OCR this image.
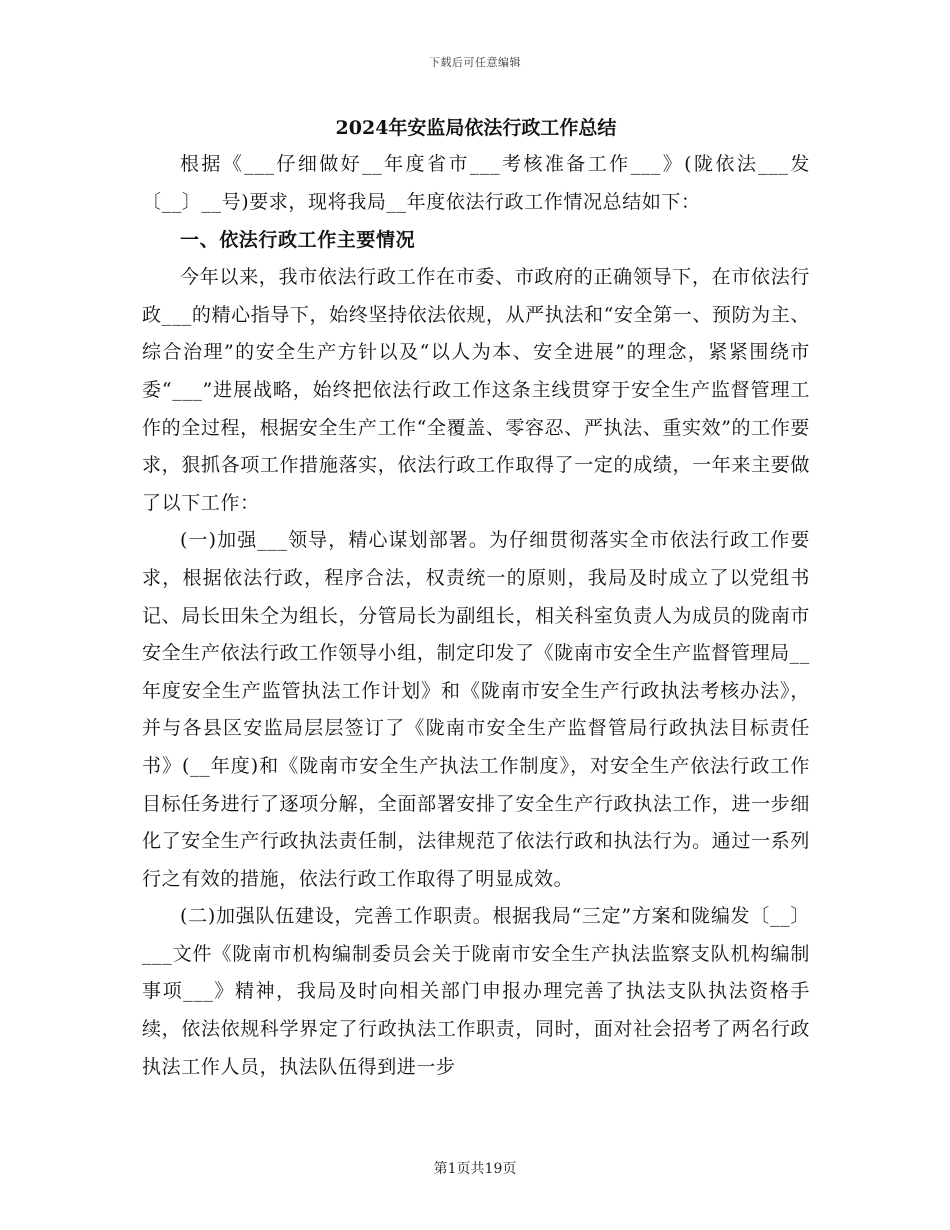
下载后可任意编辑
2024年安监局依法行政工作总结

根据《___仔细做好__年度省市___考核准备工作___》(陇依法___发〔__〕__号)要求，现将我局__年度依法行政工作情况总结如下：

一、依法行政工作主要情况

今年以来，我市依法行政工作在市委、市政府的正确领导下，在市依法行政___的精心指导下，始终坚持依法依规，从严执法和“安全第一、预防为主、综合治理”的安全生产方针以及“以人为本、安全进展”的理念，紧紧围绕市委“___”进展战略，始终把依法行政工作这条主线贯穿于安全生产监督管理工作的全过程，根据安全生产工作“全覆盖、零容忍、严执法、重实效”的工作要求，狠抓各项工作措施落实，依法行政工作取得了一定的成绩，一年来主要做了以下工作：

(一)加强___领导，精心谋划部署。为仔细贯彻落实全市依法行政工作要求，根据依法行政，程序合法，权责统一的原则，我局及时成立了以党组书记、局长田朱仝为组长，分管局长为副组长，相关科室负责人为成员的陇南市安全生产依法行政工作领导小组，制定印发了《陇南市安全生产监督管理局__年度安全生产监管执法工作计划》和《陇南市安全生产行政执法考核办法》，并与各县区安监局层层签订了《陇南市安全生产监督管局行政执法目标责任书》(__年度)和《陇南市安全生产执法工作制度》，对安全生产依法行政工作目标任务进行了逐项分解，全面部署安排了安全生产行政执法工作，进一步细化了安全生产行政执法责任制，法律规范了依法行政和执法行为。通过一系列行之有效的措施，依法行政工作取得了明显成效。

(二)加强队伍建设，完善工作职责。根据我局“三定”方案和陇编发〔__〕___文件《陇南市机构编制委员会关于陇南市安全生产执法监察支队机构编制事项___》精神，我局及时向相关部门申报办理完善了执法支队执法资格手续，依法依规科学界定了行政执法工作职责，同时，面对社会招考了两名行政执法工作人员，执法队伍得到进一步

第1页共19页
